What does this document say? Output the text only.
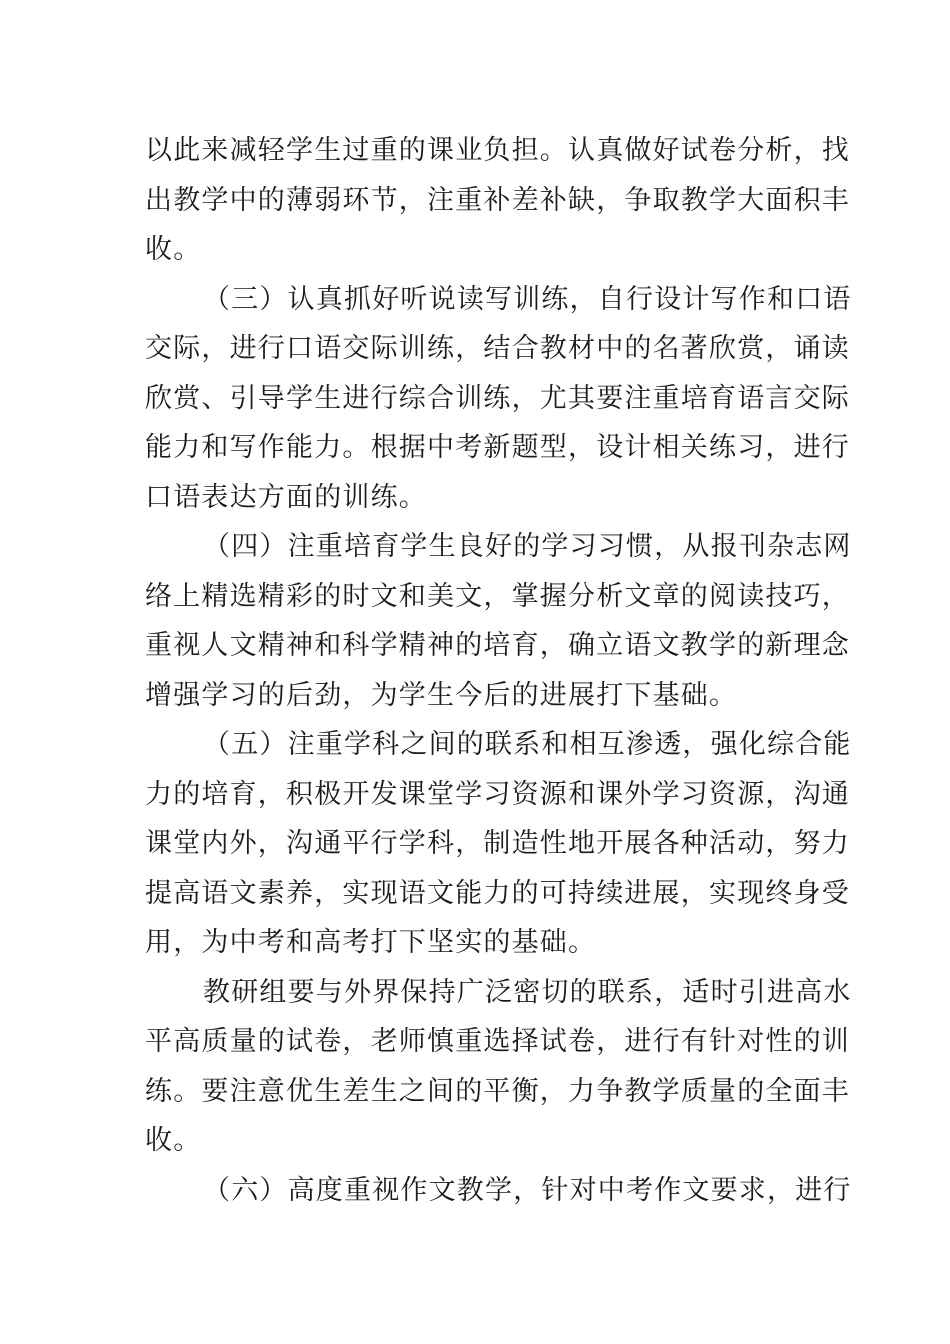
以此来减轻学生过重的课业负担。认真做好试卷分析，找
出教学中的薄弱环节，注重补差补缺，争取教学大面积丰
收。
（三）认真抓好听说读写训练，自行设计写作和口语
交际，进行口语交际训练，结合教材中的名著欣赏，诵读
欣赏、引导学生进行综合训练，尤其要注重培育语言交际
能力和写作能力。根据中考新题型，设计相关练习，进行
口语表达方面的训练。
（四）注重培育学生良好的学习习惯，从报刊杂志网
络上精选精彩的时文和美文，掌握分析文章的阅读技巧，
重视人文精神和科学精神的培育，确立语文教学的新理念
增强学习的后劲，为学生今后的进展打下基础。
（五）注重学科之间的联系和相互渗透，强化综合能
力的培育，积极开发课堂学习资源和课外学习资源，沟通
课堂内外，沟通平行学科，制造性地开展各种活动，努力
提高语文素养，实现语文能力的可持续进展，实现终身受
用，为中考和高考打下坚实的基础。
教研组要与外界保持广泛密切的联系，适时引进高水
平高质量的试卷，老师慎重选择试卷，进行有针对性的训
练。要注意优生差生之间的平衡，力争教学质量的全面丰
收。
（六）高度重视作文教学，针对中考作文要求，进行
